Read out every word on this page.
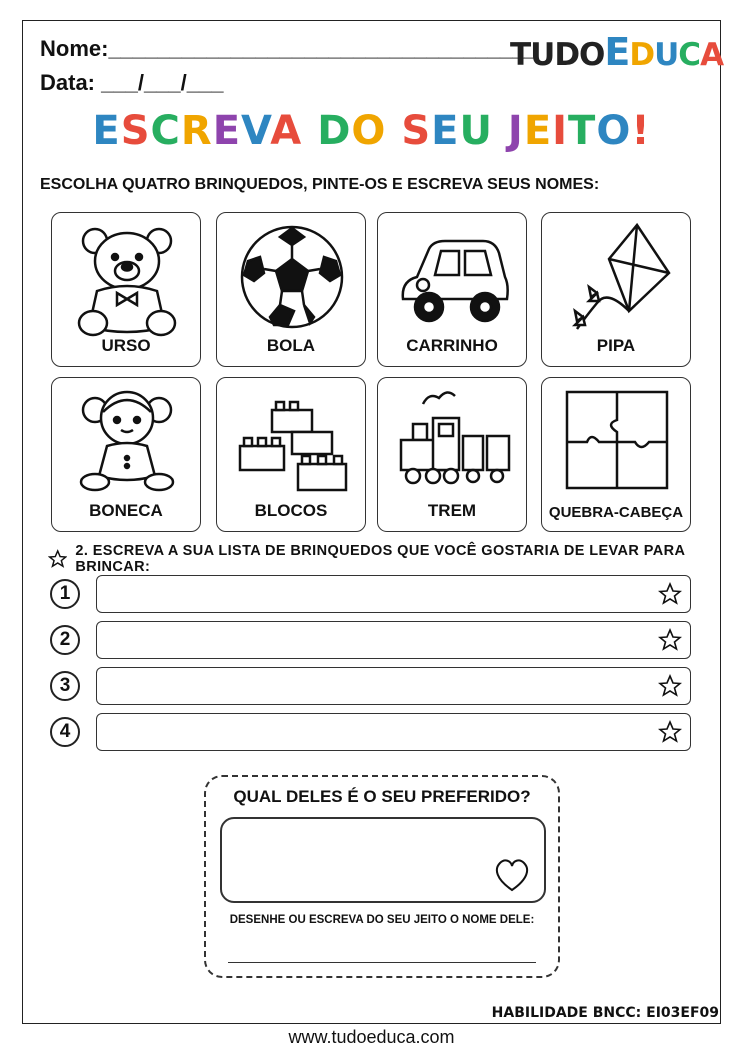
Nome:___________________________________
Data: ___/___/___
TUDOEDUCA
ESCREVA DO SEU JEITO!
ESCOLHA QUATRO BRINQUEDOS, PINTE-OS E ESCREVA SEUS NOMES:
URSO	BOLA	CARRINHO	PIPA
BONECA	BLOCOS	TREM	QUEBRA-CABEÇA
2. ESCREVA A SUA LISTA DE BRINQUEDOS QUE VOCÊ GOSTARIA DE LEVAR PARA BRINCAR:
1
2
3
4
QUAL DELES É O SEU PREFERIDO?
DESENHE OU ESCREVA DO SEU JEITO O NOME DELE:
HABILIDADE BNCC: EI03EF09
www.tudoeduca.com
